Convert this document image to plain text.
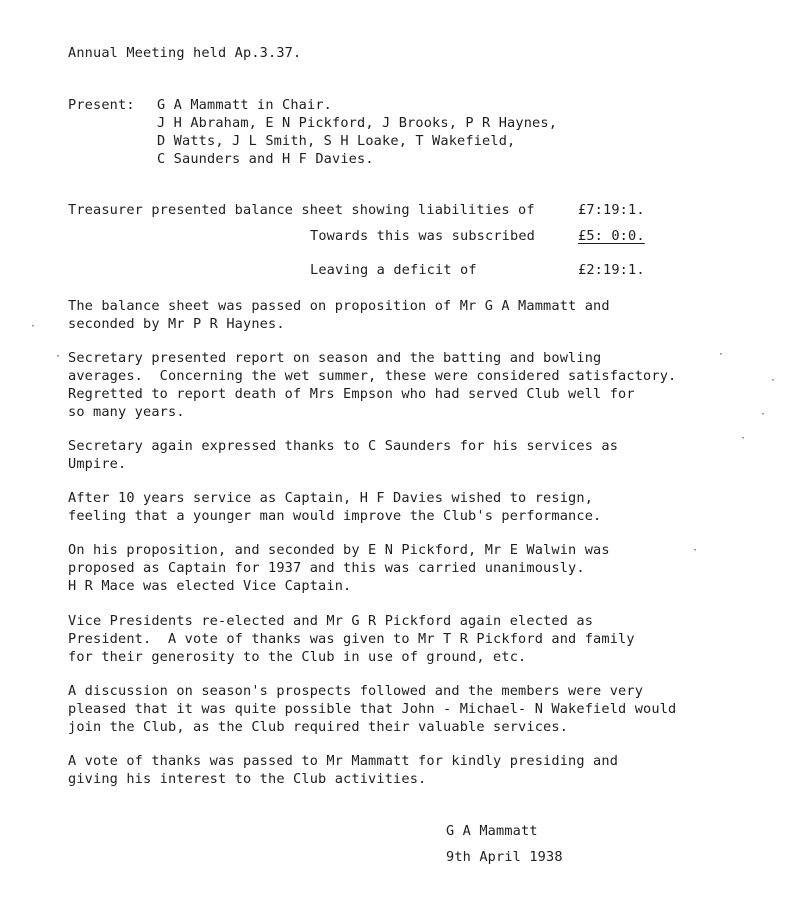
Annual Meeting held Ap.3.37.
Present: G A Mammatt in Chair.
J H Abraham, E N Pickford, J Brooks, P R Haynes,
D Watts, J L Smith, S H Loake, T Wakefield,
C Saunders and H F Davies.
Treasurer presented balance sheet showing liabilities of	£7:19:1.
Towards this was subscribed	£5: 0:0.
Leaving a deficit of	£2:19:1.
The balance sheet was passed on proposition of Mr G A Mammatt and
seconded by Mr P R Haynes.
Secretary presented report on season and the batting and bowling
averages.  Concerning the wet summer, these were considered satisfactory.
Regretted to report death of Mrs Empson who had served Club well for
so many years.
Secretary again expressed thanks to C Saunders for his services as
Umpire.
After 10 years service as Captain, H F Davies wished to resign,
feeling that a younger man would improve the Club's performance.
On his proposition, and seconded by E N Pickford, Mr E Walwin was
proposed as Captain for 1937 and this was carried unanimously.
H R Mace was elected Vice Captain.
Vice Presidents re-elected and Mr G R Pickford again elected as
President.  A vote of thanks was given to Mr T R Pickford and family
for their generosity to the Club in use of ground, etc.
A discussion on season's prospects followed and the members were very
pleased that it was quite possible that John - Michael- N Wakefield would
join the Club, as the Club required their valuable services.
A vote of thanks was passed to Mr Mammatt for kindly presiding and
giving his interest to the Club activities.
G A Mammatt
9th April 1938
·
·	·
·
·
·
·
